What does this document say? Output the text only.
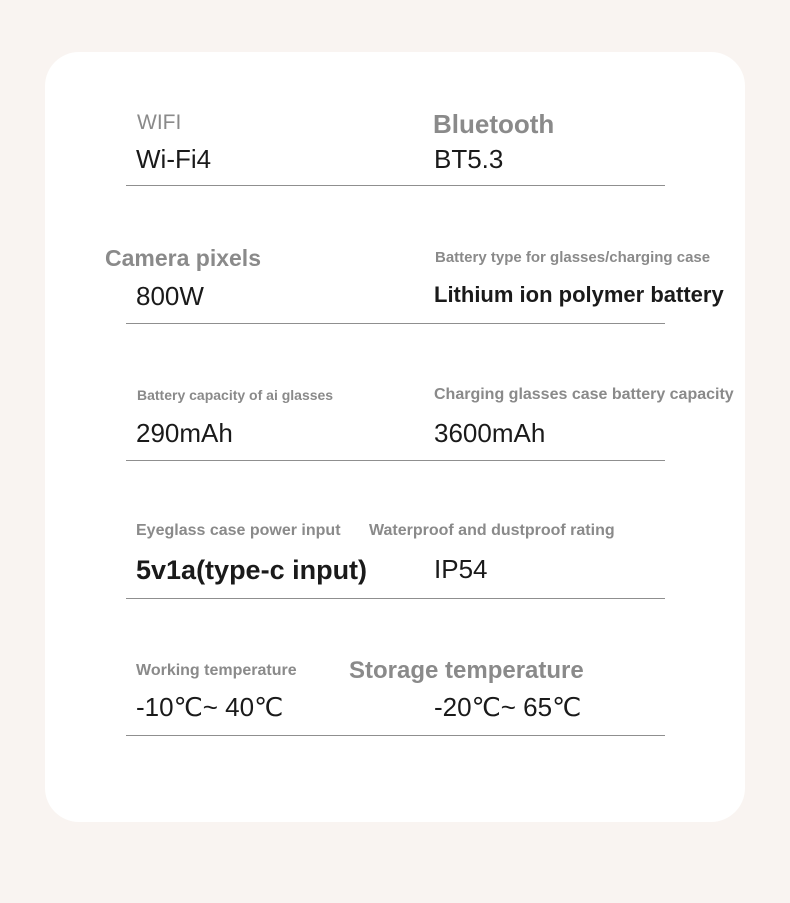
WIFI
Wi-Fi4
Bluetooth
BT5.3
Camera pixels
800W
Battery type for glasses/charging case
Lithium ion polymer battery
Battery capacity of ai glasses
290mAh
Charging glasses case battery capacity
3600mAh
Eyeglass case power input
5v1a(type-c input)
Waterproof and dustproof rating
IP54
Working temperature
-10℃~ 40℃
Storage temperature
-20℃~ 65℃
